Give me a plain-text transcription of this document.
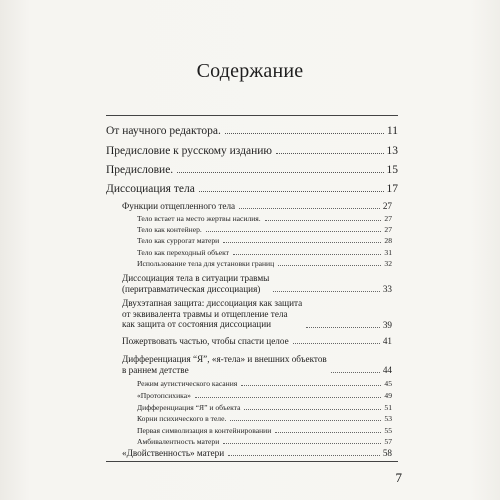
Содержание
От научного редактора.	11
Предисловие к русскому изданию	13
Предисловие.	15
Диссоциация тела	17
Функции отщепленного тела	27
Тело встает на место жертвы насилия.	27
Тело как контейнер.	27
Тело как суррогат матери	28
Тело как переходный объект	31
Использование тела для установки границ	32
Диссоциация тела в ситуации травмы
(перитравматическая диссоциация)	33
Двухэтапная защита: диссоциация как защита
от эквивалента травмы и отщепление тела
как защита от состояния диссоциации	39
Пожертвовать частью, чтобы спасти целое	41
Дифференциация “Я”, «я-тела» и внешних объектов
в раннем детстве	44
Режим аутистического касания	45
«Протопсихика»	49
Дифференциация “Я” и объекта	51
Корни психического в теле.	53
Первая символизация в контейнировании	55
Амбивалентность матери	57
«Двойственность» матери	58
7
